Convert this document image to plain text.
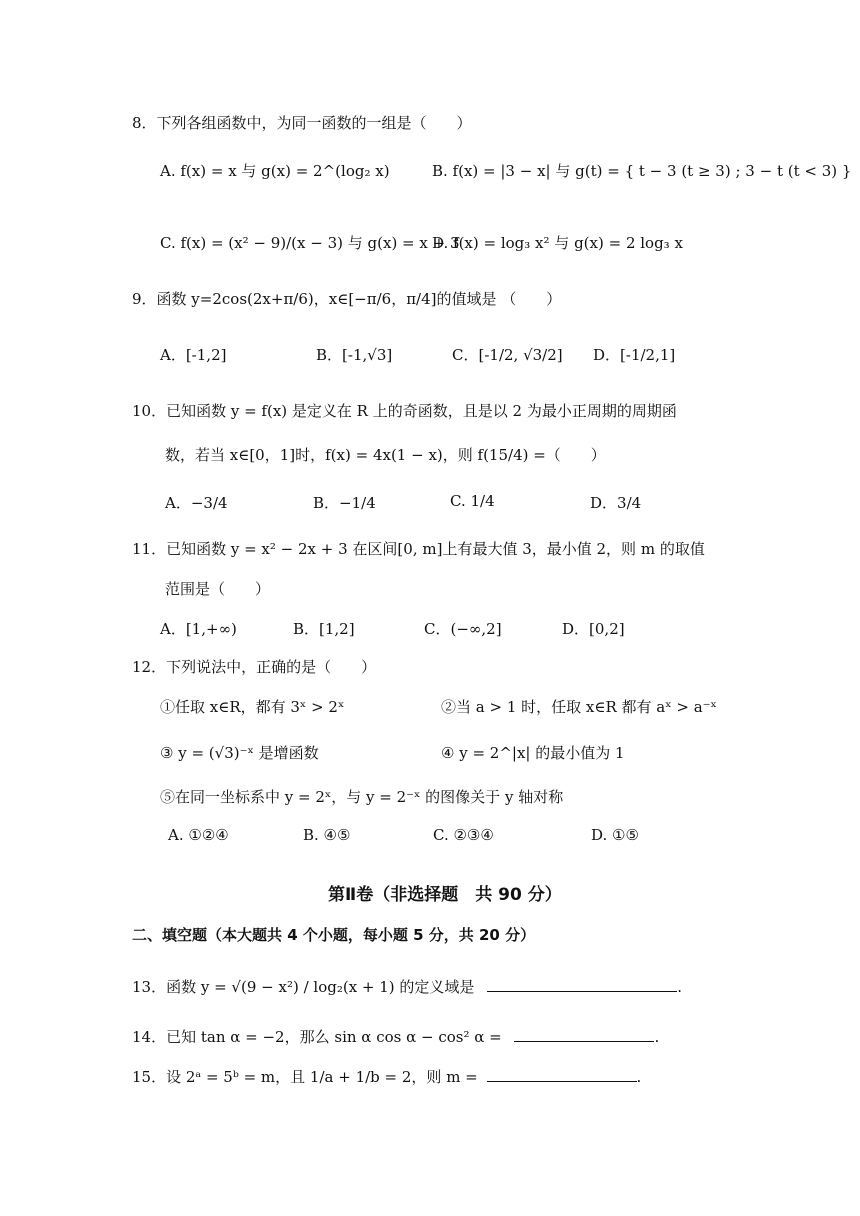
8．下列各组函数中，为同一函数的一组是（　　）
A. f(x) = x 与 g(x) = 2^(log₂ x)	B. f(x) = |3 − x| 与 g(t) = { t − 3 (t ≥ 3) ; 3 − t (t < 3) }
C. f(x) = (x² − 9)/(x − 3) 与 g(x) = x + 3
D. f(x) = log₃ x² 与 g(x) = 2 log₃ x
9．函数 y=2cos(2x+π/6)，x∈[−π/6，π/4]的值域是 （　　）
A．[-1,2]	B．[-1,√3]	C．[-1/2, √3/2] D．[-1/2,1]
10．已知函数 y = f(x) 是定义在 R 上的奇函数，且是以 2 为最小正周期的周期函
数，若当 x∈[0，1]时，f(x) = 4x(1 − x)，则 f(15/4) =（　　）
A．−3/4	B．−1/4	C. 1/4	D．3/4
11．已知函数 y = x² − 2x + 3 在区间[0, m]上有最大值 3，最小值 2，则 m 的取值
范围是（　　）
A．[1,+∞)	B．[1,2]	C．(−∞,2]	D．[0,2]
12．下列说法中，正确的是（　　）
①任取 x∈R，都有 3ˣ > 2ˣ	②当 a > 1 时，任取 x∈R 都有 aˣ > a⁻ˣ
③ y = (√3)⁻ˣ 是增函数	④ y = 2^|x| 的最小值为 1
⑤在同一坐标系中 y = 2ˣ，与 y = 2⁻ˣ 的图像关于 y 轴对称
A. ①②④	B. ④⑤	C. ②③④	D. ①⑤
第Ⅱ卷（非选择题　共 90 分）
二、填空题（本大题共 4 个小题，每小题 5 分，共 20 分）
13．函数 y = √(9 − x²) / log₂(x + 1) 的定义域是	.
14．已知 tan α = −2，那么 sin α cos α − cos² α =	.
15．设 2ᵃ = 5ᵇ = m，且 1/a + 1/b = 2，则 m =	.
